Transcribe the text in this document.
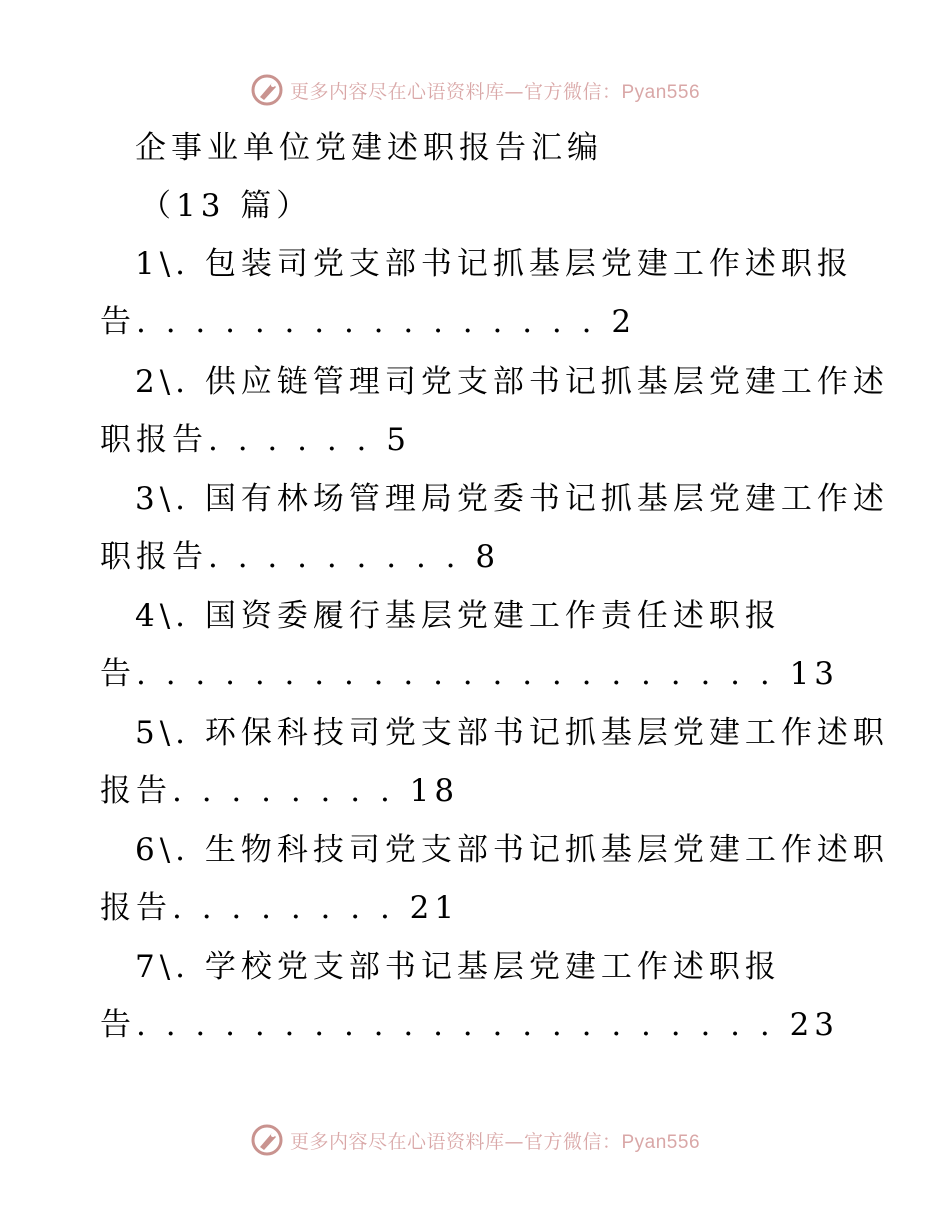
更多内容尽在心语资料库—官方微信：Pyan556
企事业单位党建述职报告汇编
（13 篇）
1\. 包装司党支部书记抓基层党建工作述职报
告. . . . . . . . . . . . . . . . 2
2\. 供应链管理司党支部书记抓基层党建工作述
职报告. . . . . . 5
3\. 国有林场管理局党委书记抓基层党建工作述
职报告. . . . . . . . . 8
4\. 国资委履行基层党建工作责任述职报
告. . . . . . . . . . . . . . . . . . . . . . 13
5\. 环保科技司党支部书记抓基层党建工作述职
报告. . . . . . . . 18
6\. 生物科技司党支部书记抓基层党建工作述职
报告. . . . . . . . 21
7\. 学校党支部书记基层党建工作述职报
告. . . . . . . . . . . . . . . . . . . . . . 23
更多内容尽在心语资料库—官方微信：Pyan556
